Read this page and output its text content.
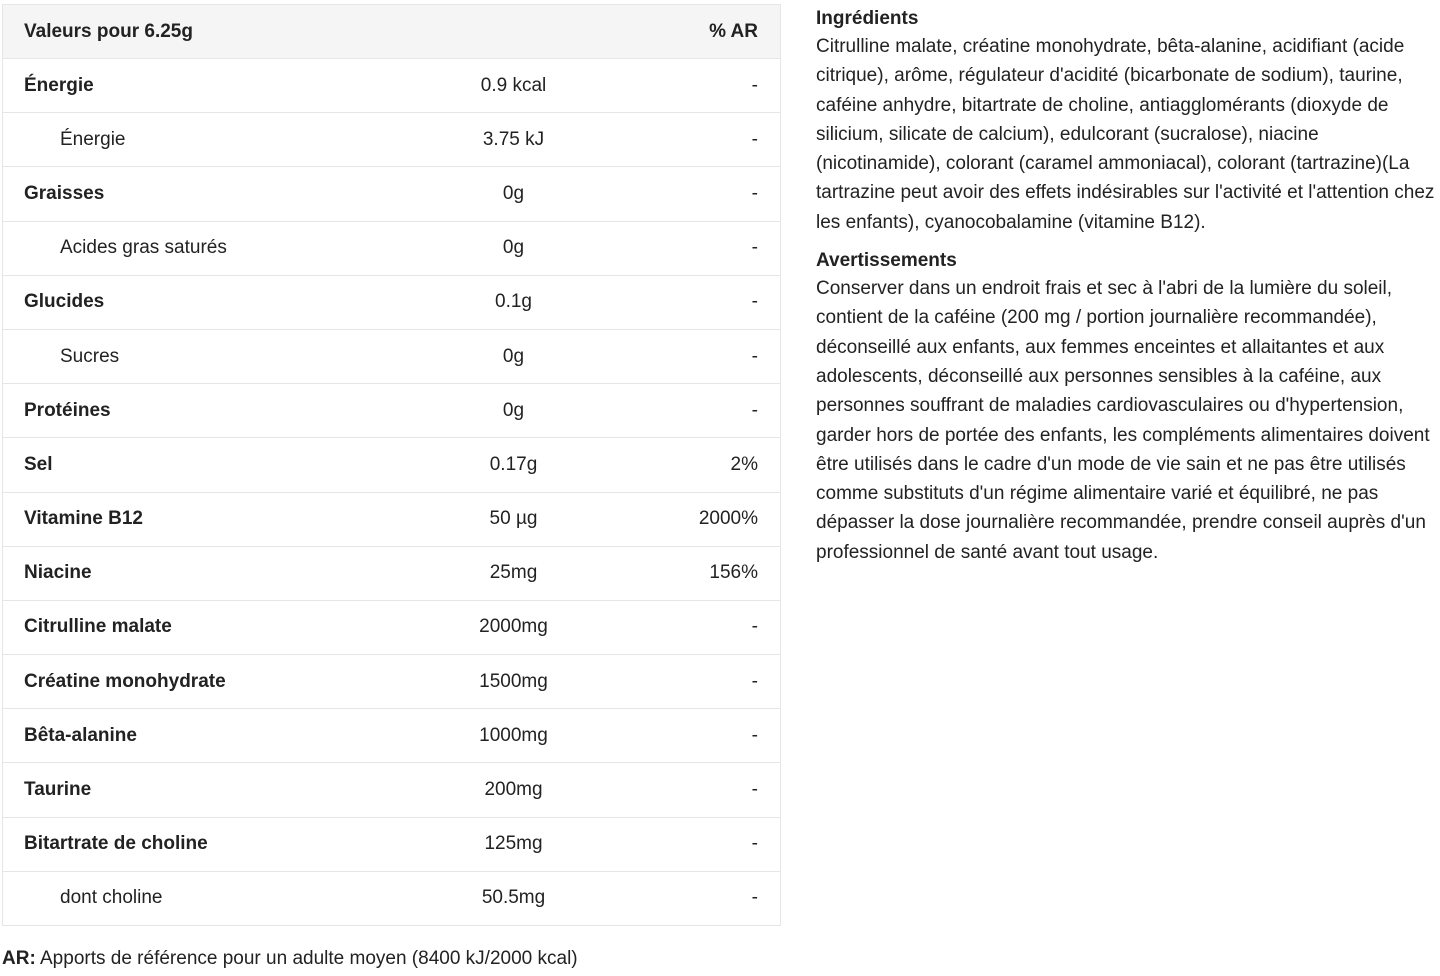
Valeurs pour 6.25g		% AR
Énergie	0.9 kcal	-
Énergie	3.75 kJ	-
Graisses	0g	-
Acides gras saturés	0g	-
Glucides	0.1g	-
Sucres	0g	-
Protéines	0g	-
Sel	0.17g	2%
Vitamine B12	50 µg	2000%
Niacine	25mg	156%
Citrulline malate	2000mg	-
Créatine monohydrate	1500mg	-
Bêta-alanine	1000mg	-
Taurine	200mg	-
Bitartrate de choline	125mg	-
dont choline	50.5mg	-
AR: Apports de référence pour un adulte moyen (8400 kJ/2000 kcal)
Ingrédients

Citrulline malate, créatine monohydrate, bêta-alanine, acidifiant (acide citrique), arôme, régulateur d'acidité (bicarbonate de sodium), taurine, caféine anhydre, bitartrate de choline, antiagglomérants (dioxyde de silicium, silicate de calcium), edulcorant (sucralose), niacine (nicotinamide), colorant (caramel ammoniacal), colorant (tartrazine)(La tartrazine peut avoir des effets indésirables sur l'activité et l'attention chez les enfants), cyanocobalamine (vitamine B12).

Avertissements

Conserver dans un endroit frais et sec à l'abri de la lumière du soleil, contient de la caféine (200 mg / portion journalière recommandée), déconseillé aux enfants, aux femmes enceintes et allaitantes et aux adolescents, déconseillé aux personnes sensibles à la caféine, aux personnes souffrant de maladies cardiovasculaires ou d'hypertension, garder hors de portée des enfants, les compléments alimentaires doivent être utilisés dans le cadre d'un mode de vie sain et ne pas être utilisés comme substituts d'un régime alimentaire varié et équilibré, ne pas dépasser la dose journalière recommandée, prendre conseil auprès d'un professionnel de santé avant tout usage.
